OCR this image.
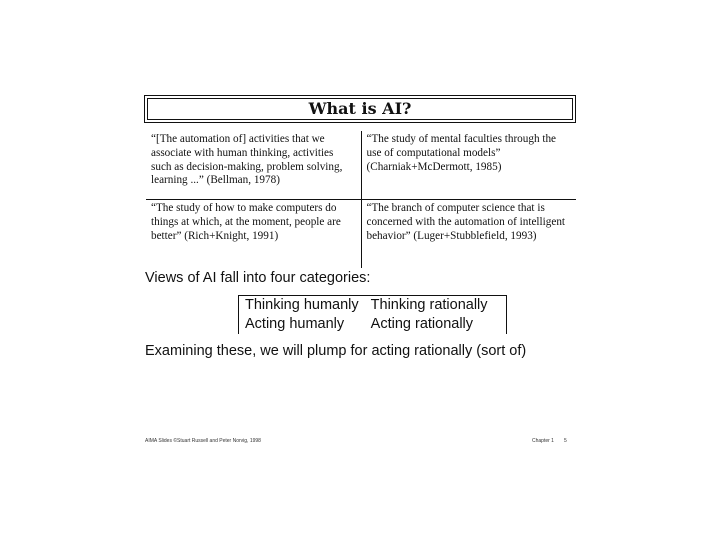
What is AI?
“[The automation of] activities that we associate with human thinking, activities such as decision-making, problem solving, learning ...” (Bellman, 1978)	“The study of mental faculties through the use of computational models” (Charniak+McDermott, 1985)
“The study of how to make computers do things at which, at the moment, people are better” (Rich+Knight, 1991)	“The branch of computer science that is concerned with the automation of intelligent behavior” (Luger+Stubblefield, 1993)
Views of AI fall into four categories:
Thinking humanly	Thinking rationally
Acting humanly	Acting rationally
Examining these, we will plump for acting rationally (sort of)
AIMA Slides ©Stuart Russell and Peter Norvig, 1998	Chapter 1 5
